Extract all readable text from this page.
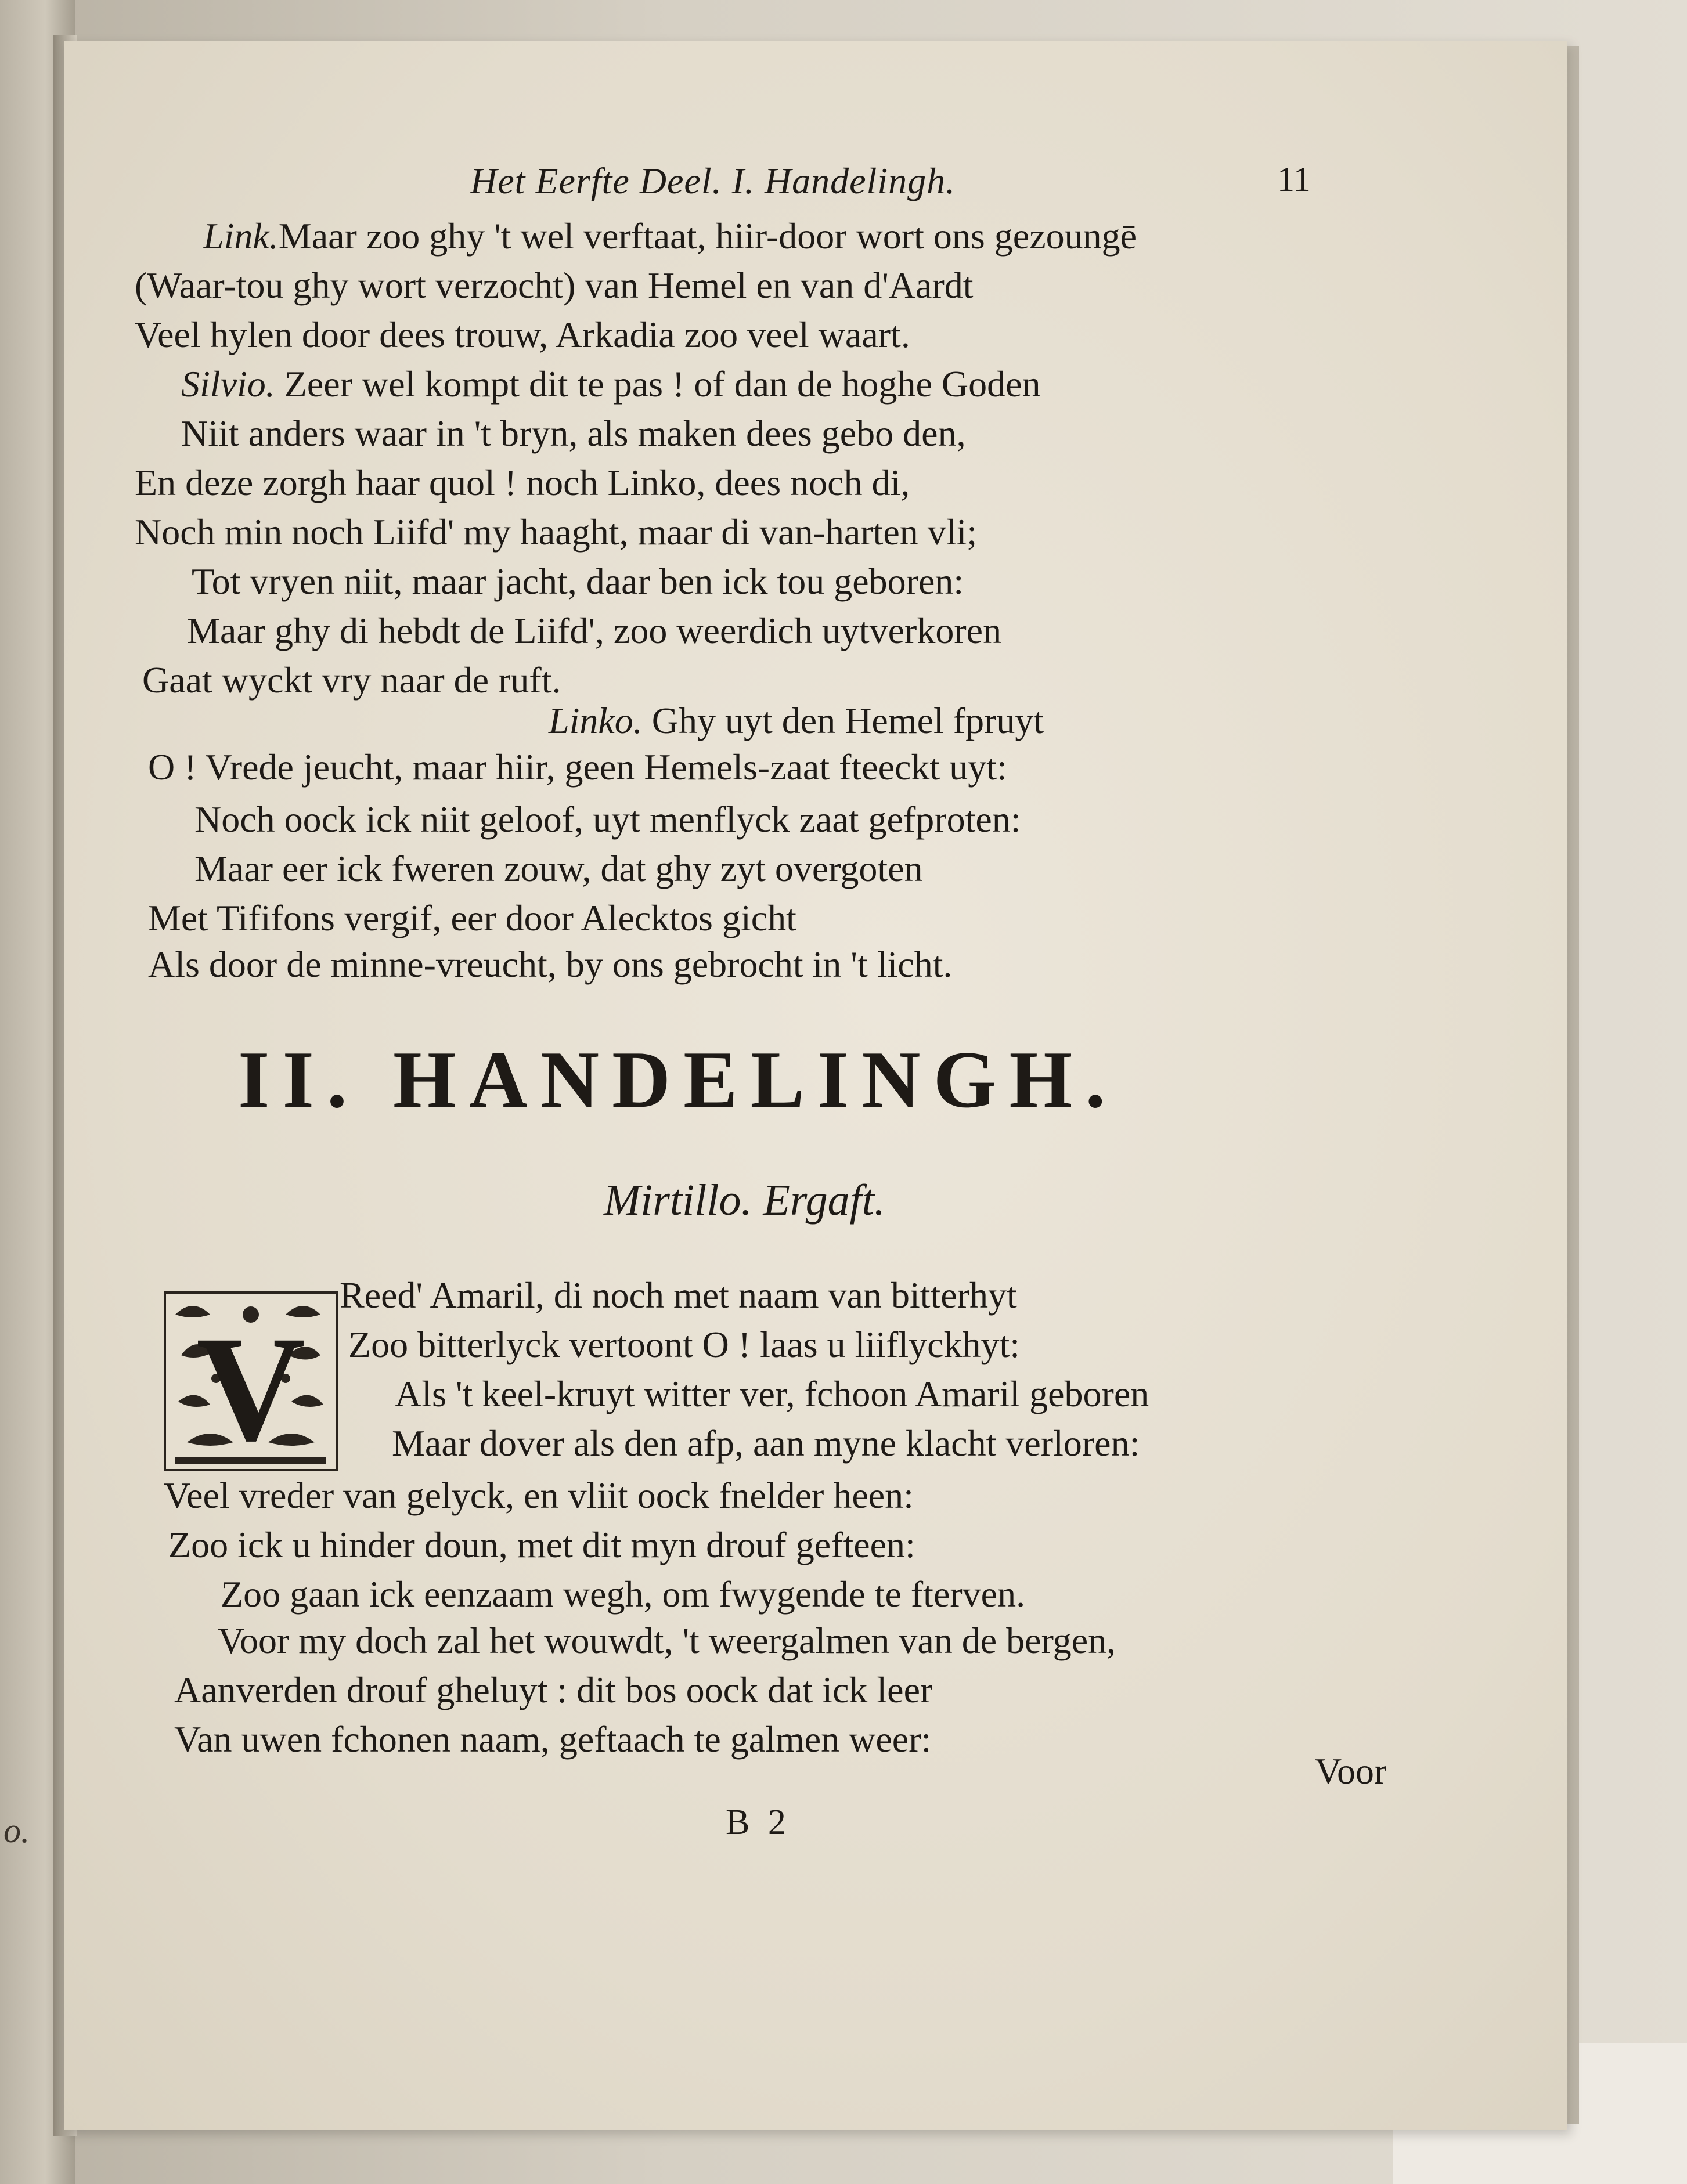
o.
Het Eerfte Deel. I. Handelingh.	11
Link.Maar zoo ghy 't wel verftaat, hiir-door wort ons gezoungē
(Waar-tou ghy wort verzocht) van Hemel en van d'Aardt
Veel hylen door dees trouw, Arkadia zoo veel waart.
Silvio. Zeer wel kompt dit te pas ! of dan de hoghe Goden
Niit anders waar in 't bryn, als maken dees gebo den,
En deze zorgh haar quol ! noch Linko, dees noch di,
Noch min noch Liifd' my haaght, maar di van-harten vli;
Tot vryen niit, maar jacht, daar ben ick tou geboren:
Maar ghy di hebdt de Liifd', zoo weerdich uytverkoren
Gaat wyckt vry naar de ruft.
Linko. Ghy uyt den Hemel fpruyt
O ! Vrede jeucht, maar hiir, geen Hemels-zaat fteeckt uyt:
Noch oock ick niit geloof, uyt menflyck zaat gefproten:
Maar eer ick fweren zouw, dat ghy zyt overgoten
Met Tififons vergif, eer door Alecktos gicht
Als door de minne-vreucht, by ons gebrocht in 't licht.
II. HANDELINGH.
Mirtillo. Ergaft.
V
Reed' Amaril, di noch met naam van bitterhyt
Zoo bitterlyck vertoont O ! laas u liiflyckhyt:
Als 't keel-kruyt witter ver, fchoon Amaril geboren
Maar dover als den afp, aan myne klacht verloren:
Veel vreder van gelyck, en vliit oock fnelder heen:
Zoo ick u hinder doun, met dit myn drouf gefteen:
Zoo gaan ick eenzaam wegh, om fwygende te fterven.
Voor my doch zal het wouwdt, 't weergalmen van de bergen,
Aanverden drouf gheluyt : dit bos oock dat ick leer
Van uwen fchonen naam, geftaach te galmen weer:
Voor
B 2
